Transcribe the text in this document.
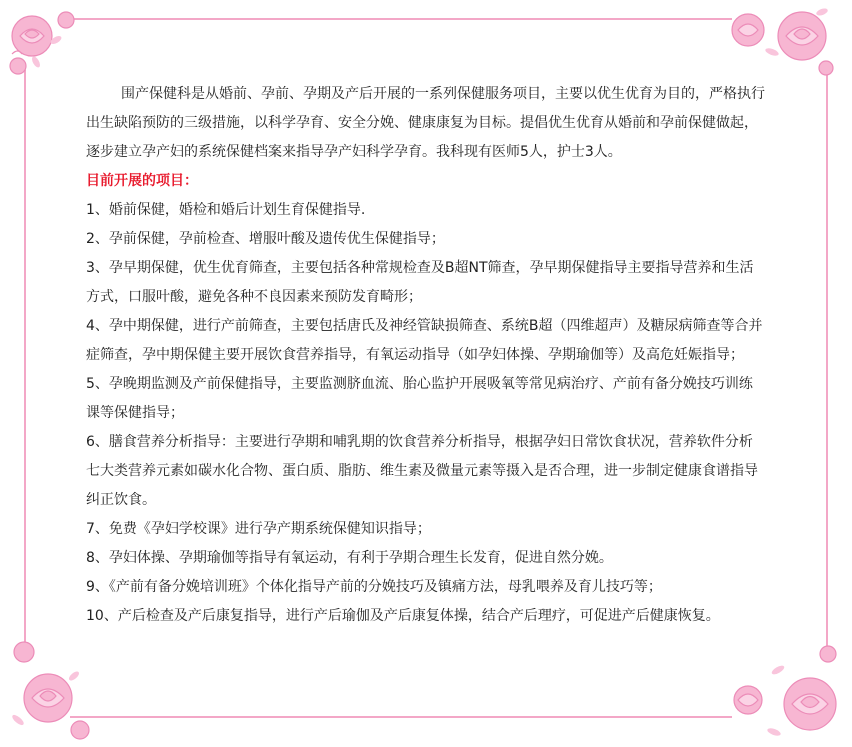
围产保健科是从婚前、孕前、孕期及产后开展的一系列保健服务项目，主要以优生优育为目的，严格执行出生缺陷预防的三级措施，以科学孕育、安全分娩、健康康复为目标。提倡优生优育从婚前和孕前保健做起，逐步建立孕产妇的系统保健档案来指导孕产妇科学孕育。我科现有医师5人，护士3人。

目前开展的项目：

1、婚前保健，婚检和婚后计划生育保健指导.

2、孕前保健，孕前检查、增服叶酸及遗传优生保健指导；

3、孕早期保健，优生优育筛查，主要包括各种常规检查及B超NT筛查，孕早期保健指导主要指导营养和生活方式，口服叶酸，避免各种不良因素来预防发育畸形；

4、孕中期保健，进行产前筛查，主要包括唐氏及神经管缺损筛查、系统B超（四维超声）及糖尿病筛查等合并症筛查，孕中期保健主要开展饮食营养指导，有氧运动指导（如孕妇体操、孕期瑜伽等）及高危妊娠指导；

5、孕晚期监测及产前保健指导，主要监测脐血流、胎心监护开展吸氧等常见病治疗、产前有备分娩技巧训练课等保健指导；

6、膳食营养分析指导：主要进行孕期和哺乳期的饮食营养分析指导，根据孕妇日常饮食状况，营养软件分析七大类营养元素如碳水化合物、蛋白质、脂肪、维生素及微量元素等摄入是否合理，进一步制定健康食谱指导纠正饮食。

7、免费《孕妇学校课》进行孕产期系统保健知识指导；

8、孕妇体操、孕期瑜伽等指导有氧运动，有利于孕期合理生长发育，促进自然分娩。

9、《产前有备分娩培训班》个体化指导产前的分娩技巧及镇痛方法，母乳喂养及育儿技巧等；

10、产后检查及产后康复指导，进行产后瑜伽及产后康复体操，结合产后理疗，可促进产后健康恢复。
